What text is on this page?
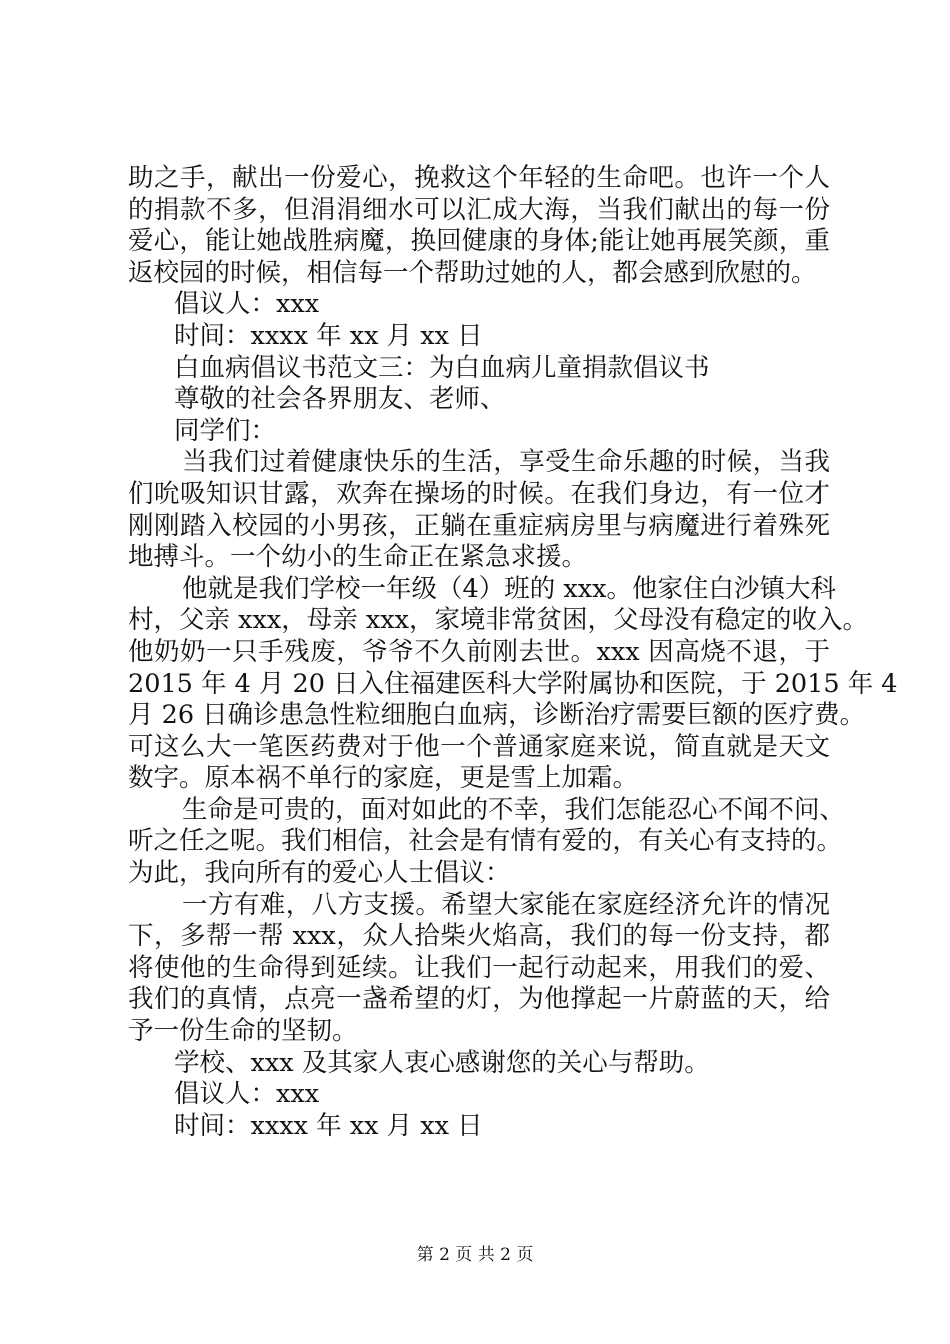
助之手，献出一份爱心，挽救这个年轻的生命吧。也许一个人
的捐款不多，但涓涓细水可以汇成大海，当我们献出的每一份
爱心，能让她战胜病魔，换回健康的身体;能让她再展笑颜，重
返校园的时候，相信每一个帮助过她的人，都会感到欣慰的。
倡议人：xxx
时间：xxxx 年 xx 月 xx 日
白血病倡议书范文三：为白血病儿童捐款倡议书
尊敬的社会各界朋友、老师、
同学们：
当我们过着健康快乐的生活，享受生命乐趣的时候，当我
们吮吸知识甘露，欢奔在操场的时候。在我们身边，有一位才
刚刚踏入校园的小男孩，正躺在重症病房里与病魔进行着殊死
地搏斗。一个幼小的生命正在紧急求援。
他就是我们学校一年级（4）班的 xxx。他家住白沙镇大科
村，父亲 xxx，母亲 xxx，家境非常贫困，父母没有稳定的收入。
他奶奶一只手残废，爷爷不久前刚去世。xxx 因高烧不退，于
2015 年 4 月 20 日入住福建医科大学附属协和医院，于 2015 年 4
月 26 日确诊患急性粒细胞白血病，诊断治疗需要巨额的医疗费。
可这么大一笔医药费对于他一个普通家庭来说，简直就是天文
数字。原本祸不单行的家庭，更是雪上加霜。
生命是可贵的，面对如此的不幸，我们怎能忍心不闻不问、
听之任之呢。我们相信，社会是有情有爱的，有关心有支持的。
为此，我向所有的爱心人士倡议：
一方有难，八方支援。希望大家能在家庭经济允许的情况
下，多帮一帮 xxx，众人拾柴火焰高，我们的每一份支持，都
将使他的生命得到延续。让我们一起行动起来，用我们的爱、
我们的真情，点亮一盏希望的灯，为他撑起一片蔚蓝的天，给
予一份生命的坚韧。
学校、xxx 及其家人衷心感谢您的关心与帮助。
倡议人：xxx
时间：xxxx 年 xx 月 xx 日
第 2 页 共 2 页
